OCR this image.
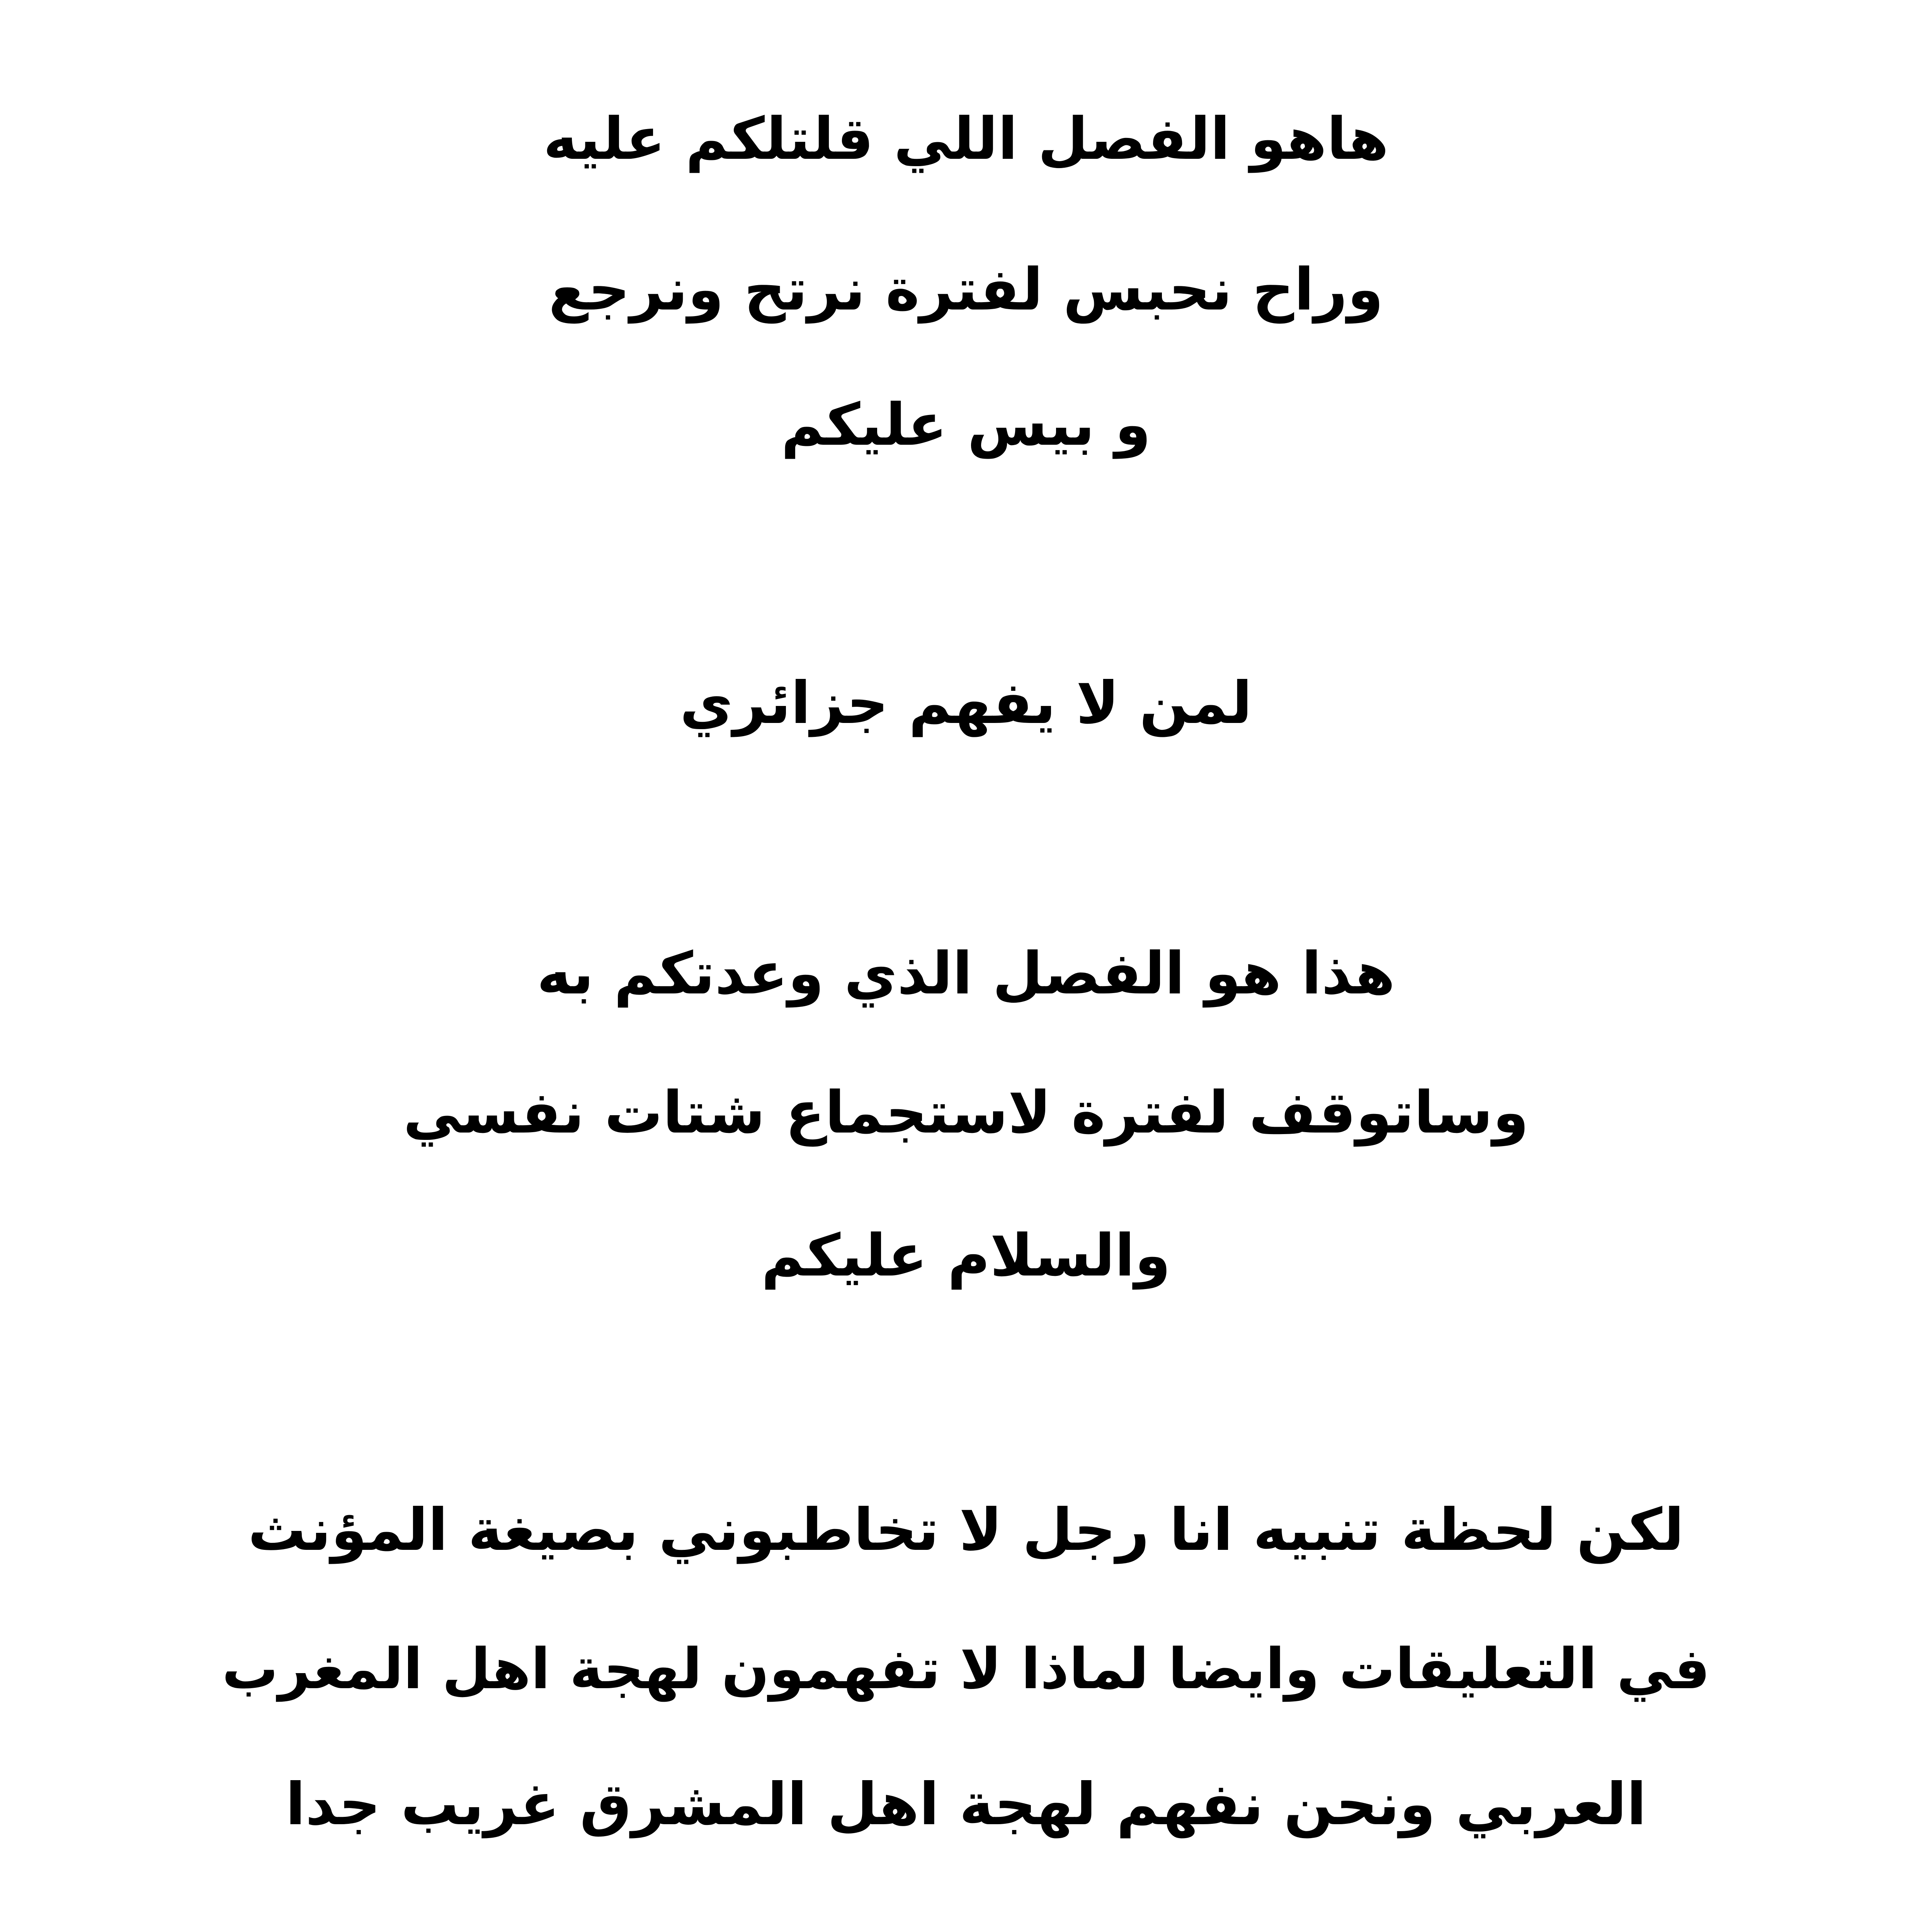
هاهو الفصل اللي قلتلكم عليه
وراح نحبس لفترة نرتح ونرجع
و بيس عليكم
لمن لا يفهم جزائري
هذا هو الفصل الذي وعدتكم به
وساتوقف لفترة لاستجماع شتات نفسي
والسلام عليكم
لكن لحظة تنبيه انا رجل لا تخاطبوني بصيغة المؤنث
في التعليقات وايضا لماذا لا تفهمون لهجة اهل المغرب
العربي ونحن نفهم لهجة اهل المشرق غريب جدا
